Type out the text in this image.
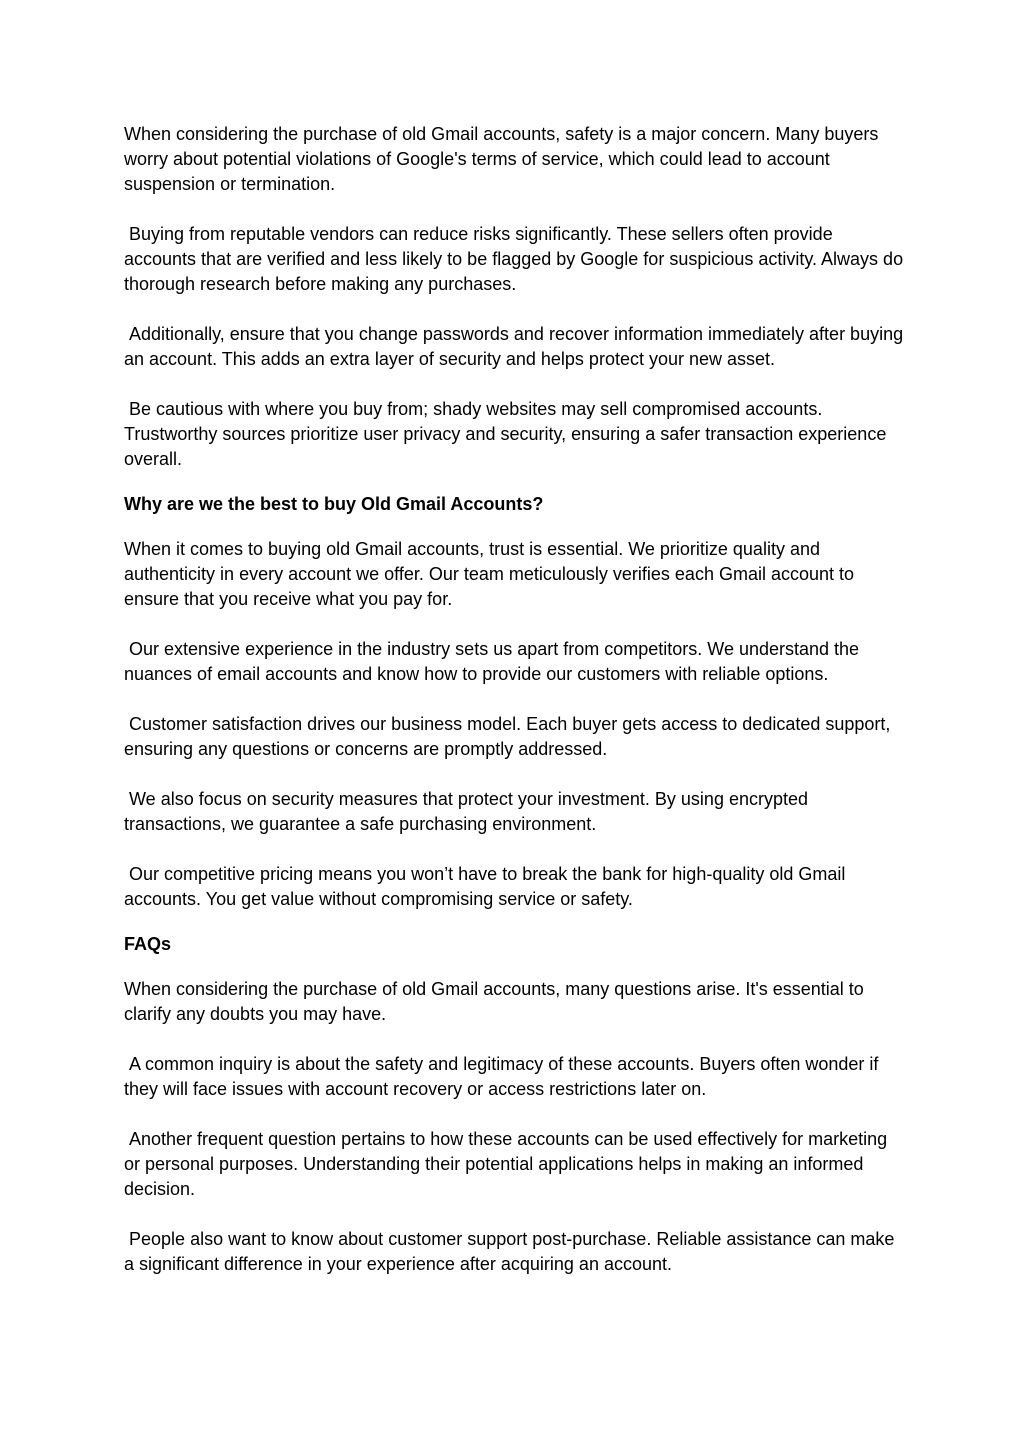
When considering the purchase of old Gmail accounts, safety is a major concern. Many buyers worry about potential violations of Google's terms of service, which could lead to account suspension or termination.

Buying from reputable vendors can reduce risks significantly. These sellers often provide accounts that are verified and less likely to be flagged by Google for suspicious activity. Always do thorough research before making any purchases.

Additionally, ensure that you change passwords and recover information immediately after buying an account. This adds an extra layer of security and helps protect your new asset.

Be cautious with where you buy from; shady websites may sell compromised accounts. Trustworthy sources prioritize user privacy and security, ensuring a safer transaction experience overall.

Why are we the best to buy Old Gmail Accounts?

When it comes to buying old Gmail accounts, trust is essential. We prioritize quality and authenticity in every account we offer. Our team meticulously verifies each Gmail account to ensure that you receive what you pay for.

Our extensive experience in the industry sets us apart from competitors. We understand the nuances of email accounts and know how to provide our customers with reliable options.

Customer satisfaction drives our business model. Each buyer gets access to dedicated support, ensuring any questions or concerns are promptly addressed.

We also focus on security measures that protect your investment. By using encrypted transactions, we guarantee a safe purchasing environment.

Our competitive pricing means you won’t have to break the bank for high-quality old Gmail accounts. You get value without compromising service or safety.

FAQs

When considering the purchase of old Gmail accounts, many questions arise. It's essential to clarify any doubts you may have.

A common inquiry is about the safety and legitimacy of these accounts. Buyers often wonder if they will face issues with account recovery or access restrictions later on.

Another frequent question pertains to how these accounts can be used effectively for marketing or personal purposes. Understanding their potential applications helps in making an informed decision.

People also want to know about customer support post-purchase. Reliable assistance can make a significant difference in your experience after acquiring an account.
